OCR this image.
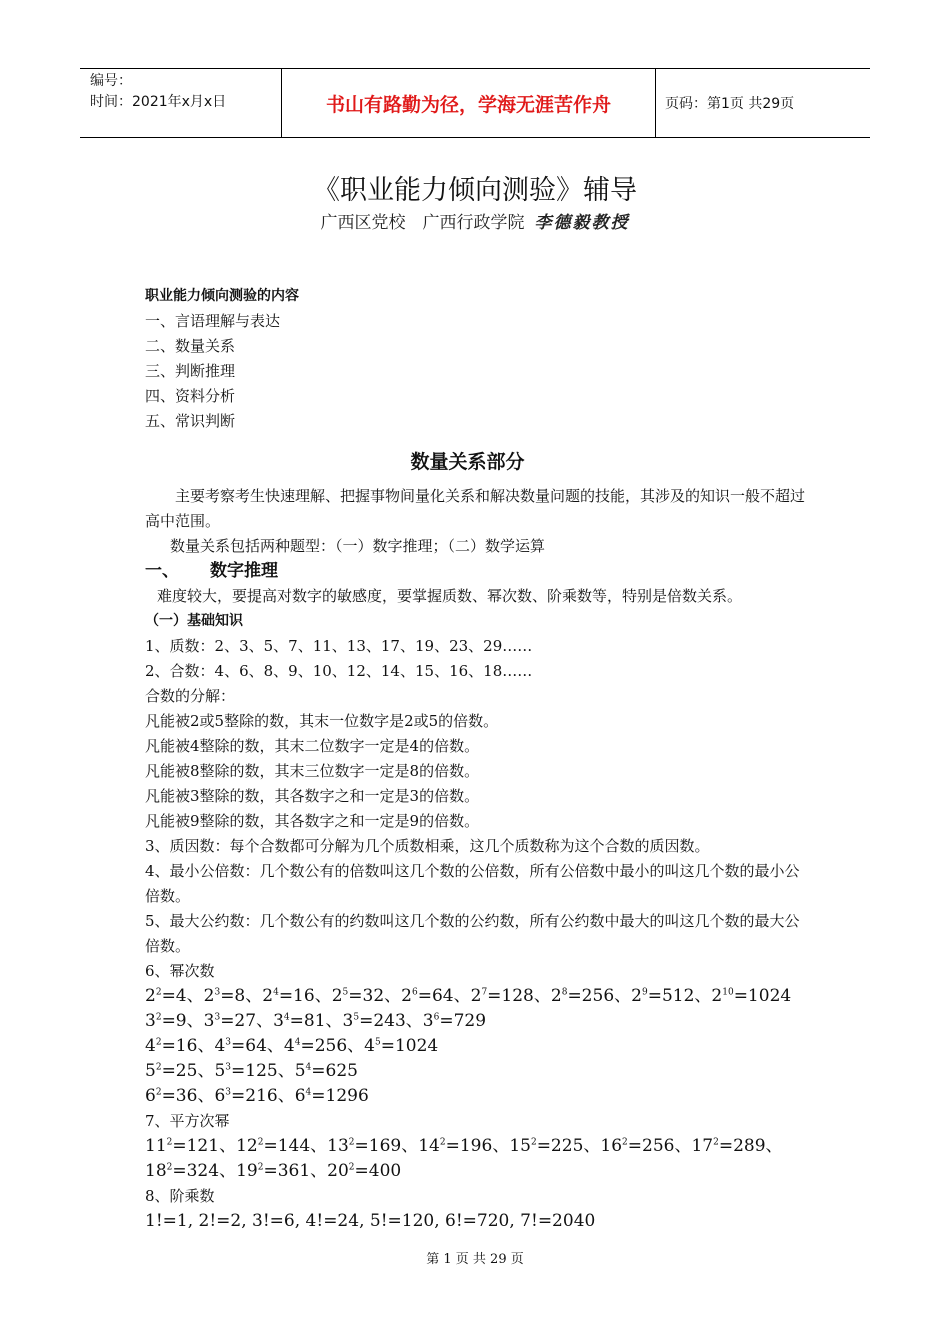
编号：
时间：2021年x月x日	书山有路勤为径，学海无涯苦作舟	页码：第1页 共29页
《职业能力倾向测验》辅导
广西区党校　广西行政学院 李德毅教授
职业能力倾向测验的内容
一、言语理解与表达
二、数量关系
三、判断推理
四、资料分析
五、常识判断
数量关系部分
主要考察考生快速理解、把握事物间量化关系和解决数量问题的技能，其涉及的知识一般不超过高中范围。
数量关系包括两种题型：（一）数字推理；（二）数学运算
一、 数字推理
难度较大，要提高对数字的敏感度，要掌握质数、幂次数、阶乘数等，特别是倍数关系。
（一）基础知识
1、质数：2、3、5、7、11、13、17、19、23、29……
2、合数：4、6、8、9、10、12、14、15、16、18……
合数的分解：
凡能被2或5整除的数，其末一位数字是2或5的倍数。
凡能被4整除的数，其末二位数字一定是4的倍数。
凡能被8整除的数，其末三位数字一定是8的倍数。
凡能被3整除的数，其各数字之和一定是3的倍数。
凡能被9整除的数，其各数字之和一定是9的倍数。
3、质因数：每个合数都可分解为几个质数相乘，这几个质数称为这个合数的质因数。
4、最小公倍数：几个数公有的倍数叫这几个数的公倍数，所有公倍数中最小的叫这几个数的最小公倍数。
5、最大公约数：几个数公有的约数叫这几个数的公约数，所有公约数中最大的叫这几个数的最大公倍数。
6、幂次数
$2^2=4$、$2^3=8$、$2^4=16$、$2^5=32$、$2^6=64$、$2^7=128$、$2^8=256$、$2^9=512$、$2^{10}=1024$
$3^2=9$、$3^3=27$、$3^4=81$、$3^5=243$、$3^6=729$
$4^2=16$、$4^3=64$、$4^4=256$、$4^5=1024$
$5^2=25$、$5^3=125$、$5^4=625$
$6^2=36$、$6^3=216$、$6^4=1296$
7、平方次幂
$11^2=121$、$12^2=144$、$13^2=169$、$14^2=196$、$15^2=225$、$16^2=256$、$17^2=289$、$18^2=324$、$19^2=361$、$20^2=400$
8、阶乘数
1!=1, 2!=2, 3!=6, 4!=24, 5!=120, 6!=720, 7!=2040
第 1 页 共 29 页
